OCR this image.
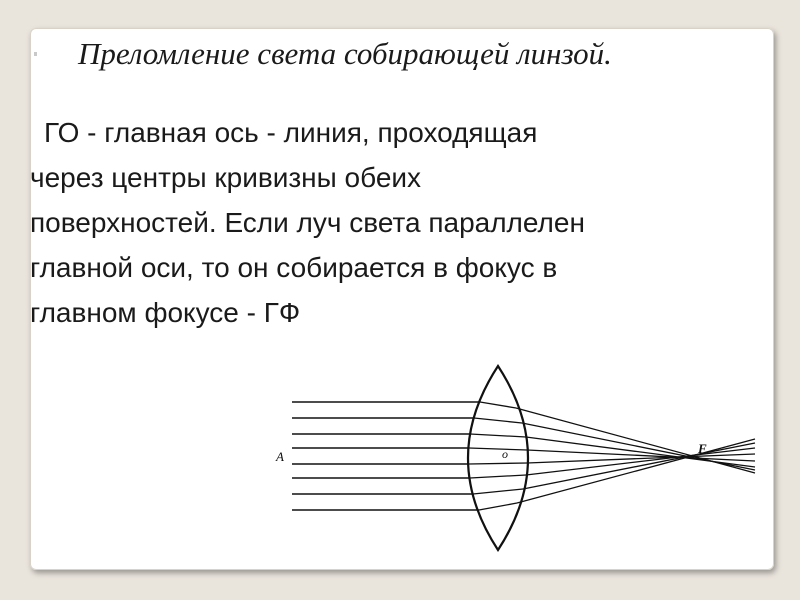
Преломление света собирающей линзой.
ГО - главная ось - линия, проходящая
через центры кривизны обеих
поверхностей. Если луч света параллелен
главной оси, то он собирается в фокус в
главном фокусе - ГФ
A	o	F
